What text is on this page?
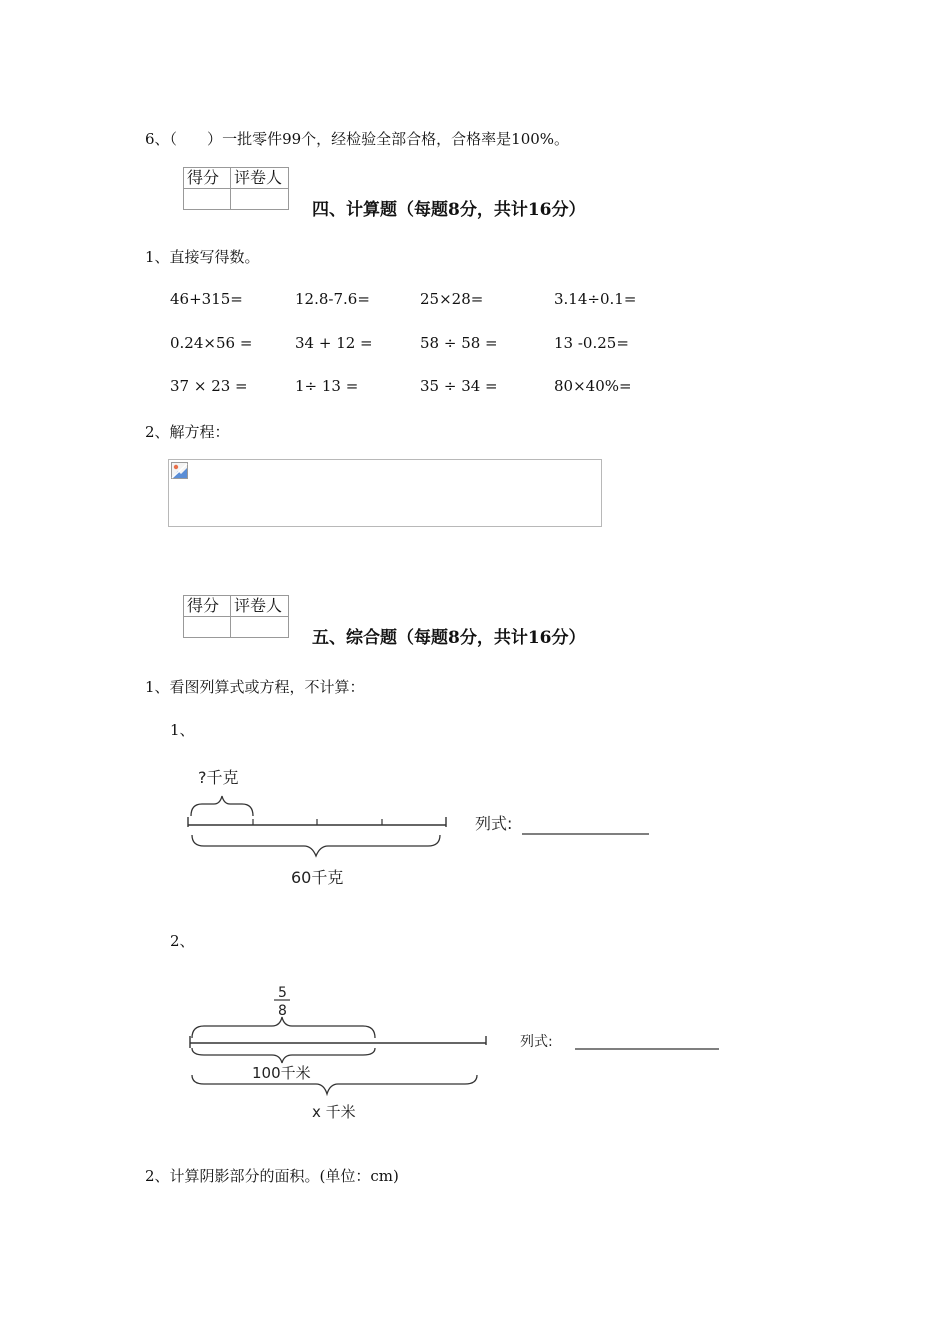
6、（　　）一批零件99个，经检验全部合格，合格率是100%。
得分	评卷人

四、计算题（每题8分，共计16分）
1、直接写得数。
46+315=	12.8-7.6=	25×28=	3.14÷0.1=
0.24×56 =	34 + 12 =	58 ÷ 58 =	13 -0.25=
37 × 23 =	1÷ 13 =	35 ÷ 34 =	80×40%=
2、解方程：
得分	评卷人

五、综合题（每题8分，共计16分）
1、看图列算式或方程，不计算：
1、
?千克
60千克
列式:
2、
5
8
100千米
x 千米
列式:
2、计算阴影部分的面积。(单位：cm)
